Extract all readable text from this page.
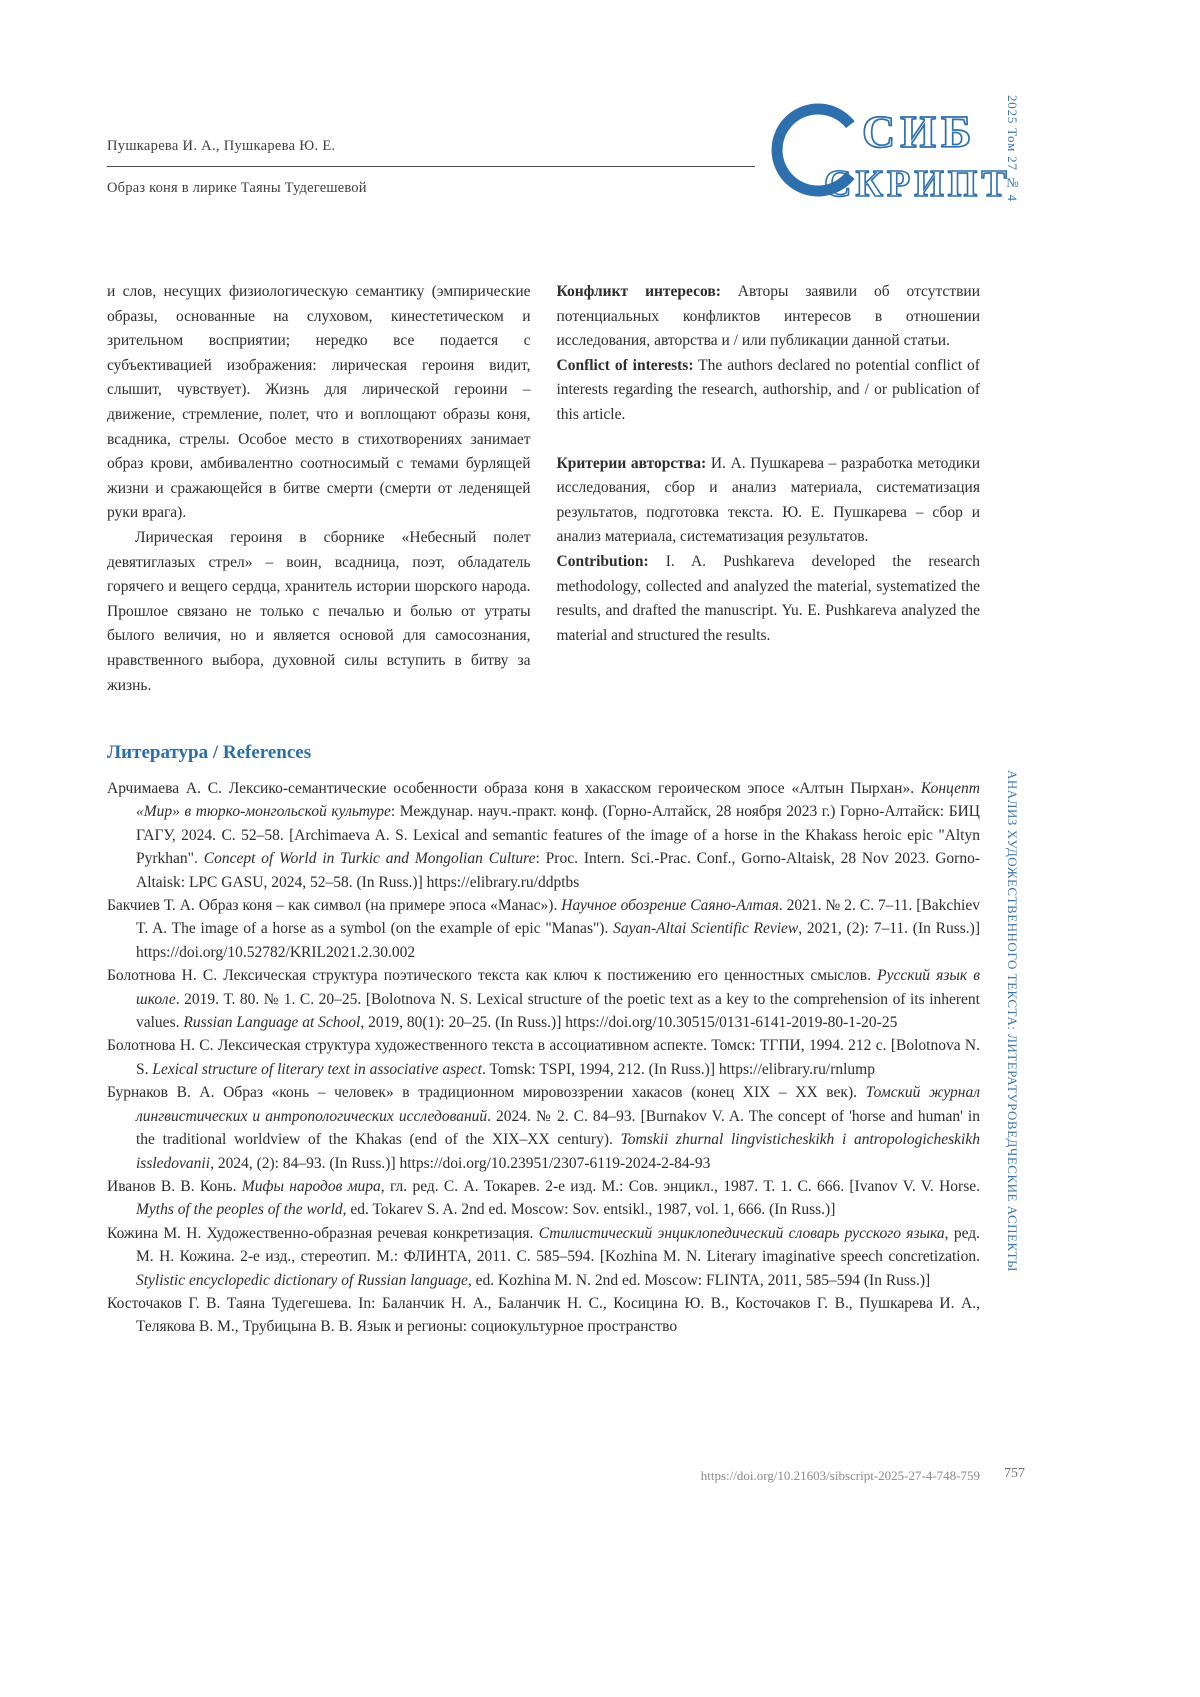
Пушкарева И. А., Пушкарева Ю. Е.
Образ коня в лирике Таяны Тудегешевой
СИБ
СКРИПТ
2025 Том 27 № 4
АНАЛИЗ ХУДОЖЕСТВЕННОГО ТЕКСТА: ЛИТЕРАТУРОВЕДЧЕСКИЕ АСПЕКТЫ

и слов, несущих физиологическую семантику (эмпирические образы, основанные на слуховом, кинестетическом и зрительном восприятии; нередко все подается с субъективацией изображения: лирическая героиня видит, слышит, чувствует). Жизнь для лирической героини – движение, стремление, полет, что и воплощают образы коня, всадника, стрелы. Особое место в стихотворениях занимает образ крови, амбивалентно соотносимый с темами бурлящей жизни и сражающейся в битве смерти (смерти от леденящей руки врага).

Лирическая героиня в сборнике «Небесный полет девятиглазых стрел» – воин, всадница, поэт, обладатель горячего и вещего сердца, хранитель истории шорского народа. Прошлое связано не только с печалью и болью от утраты былого величия, но и является основой для самосознания, нравственного выбора, духовной силы вступить в битву за жизнь.

Конфликт интересов: Авторы заявили об отсутствии потенциальных конфликтов интересов в отношении исследования, авторства и / или публикации данной статьи.

Conflict of interests: The authors declared no potential conflict of interests regarding the research, authorship, and / or publication of this article.

Критерии авторства: И. А. Пушкарева – разработка методики исследования, сбор и анализ материала, систематизация результатов, подготовка текста. Ю. Е. Пушкарева – сбор и анализ материала, систематизация результатов.

Contribution: I. A. Pushkareva developed the research methodology, collected and analyzed the material, systematized the results, and drafted the manuscript. Yu. E. Pushkareva analyzed the material and structured the results.

Литература / References
Арчимаева А. С. Лексико-семантические особенности образа коня в хакасском героическом эпосе «Алтын Пырхан». Концепт «Мир» в тюрко-монгольской культуре: Междунар. науч.-практ. конф. (Горно-Алтайск, 28 ноября 2023 г.) Горно-Алтайск: БИЦ ГАГУ, 2024. С. 52–58. [Archimaeva A. S. Lexical and semantic features of the image of a horse in the Khakass heroic epic "Altyn Pyrkhan". Concept of World in Turkic and Mongolian Culture: Proc. Intern. Sci.-Prac. Conf., Gorno-Altaisk, 28 Nov 2023. Gorno-Altaisk: LPC GASU, 2024, 52–58. (In Russ.)] https://elibrary.ru/ddptbs
Бакчиев Т. А. Образ коня – как символ (на примере эпоса «Манас»). Научное обозрение Саяно-Алтая. 2021. № 2. С. 7–11. [Bakchiev T. A. The image of a horse as a symbol (on the example of epic "Manas"). Sayan-Altai Scientific Review, 2021, (2): 7–11. (In Russ.)] https://doi.org/10.52782/KRIL2021.2.30.002
Болотнова Н. С. Лексическая структура поэтического текста как ключ к постижению его ценностных смыслов. Русский язык в школе. 2019. Т. 80. № 1. С. 20–25. [Bolotnova N. S. Lexical structure of the poetic text as a key to the comprehension of its inherent values. Russian Language at School, 2019, 80(1): 20–25. (In Russ.)] https://doi.org/10.30515/0131-6141-2019-80-1-20-25
Болотнова Н. С. Лексическая структура художественного текста в ассоциативном аспекте. Томск: ТГПИ, 1994. 212 с. [Bolotnova N. S. Lexical structure of literary text in associative aspect. Tomsk: TSPI, 1994, 212. (In Russ.)] https://elibrary.ru/rnlump
Бурнаков В. А. Образ «конь – человек» в традиционном мировоззрении хакасов (конец XIX – XX век). Томский журнал лингвистических и антропологических исследований. 2024. № 2. С. 84–93. [Burnakov V. A. The concept of 'horse and human' in the traditional worldview of the Khakas (end of the XIX–XX century). Tomskii zhurnal lingvisticheskikh i antropologicheskikh issledovanii, 2024, (2): 84–93. (In Russ.)] https://doi.org/10.23951/2307-6119-2024-2-84-93
Иванов В. В. Конь. Мифы народов мира, гл. ред. С. А. Токарев. 2-е изд. М.: Сов. энцикл., 1987. Т. 1. С. 666. [Ivanov V. V. Horse. Myths of the peoples of the world, ed. Tokarev S. A. 2nd ed. Moscow: Sov. entsikl., 1987, vol. 1, 666. (In Russ.)]
Кожина М. Н. Художественно-образная речевая конкретизация. Стилистический энциклопедический словарь русского языка, ред. М. Н. Кожина. 2-е изд., стереотип. М.: ФЛИНТА, 2011. С. 585–594. [Kozhina M. N. Literary imaginative speech concretization. Stylistic encyclopedic dictionary of Russian language, ed. Kozhina M. N. 2nd ed. Moscow: FLINTA, 2011, 585–594 (In Russ.)]
Косточаков Г. В. Таяна Тудегешева. In: Баланчик Н. А., Баланчик Н. С., Косицина Ю. В., Косточаков Г. В., Пушкарева И. А., Телякова В. М., Трубицына В. В. Язык и регионы: социокультурное пространство
https://doi.org/10.21603/sibscript-2025-27-4-748-759 757
